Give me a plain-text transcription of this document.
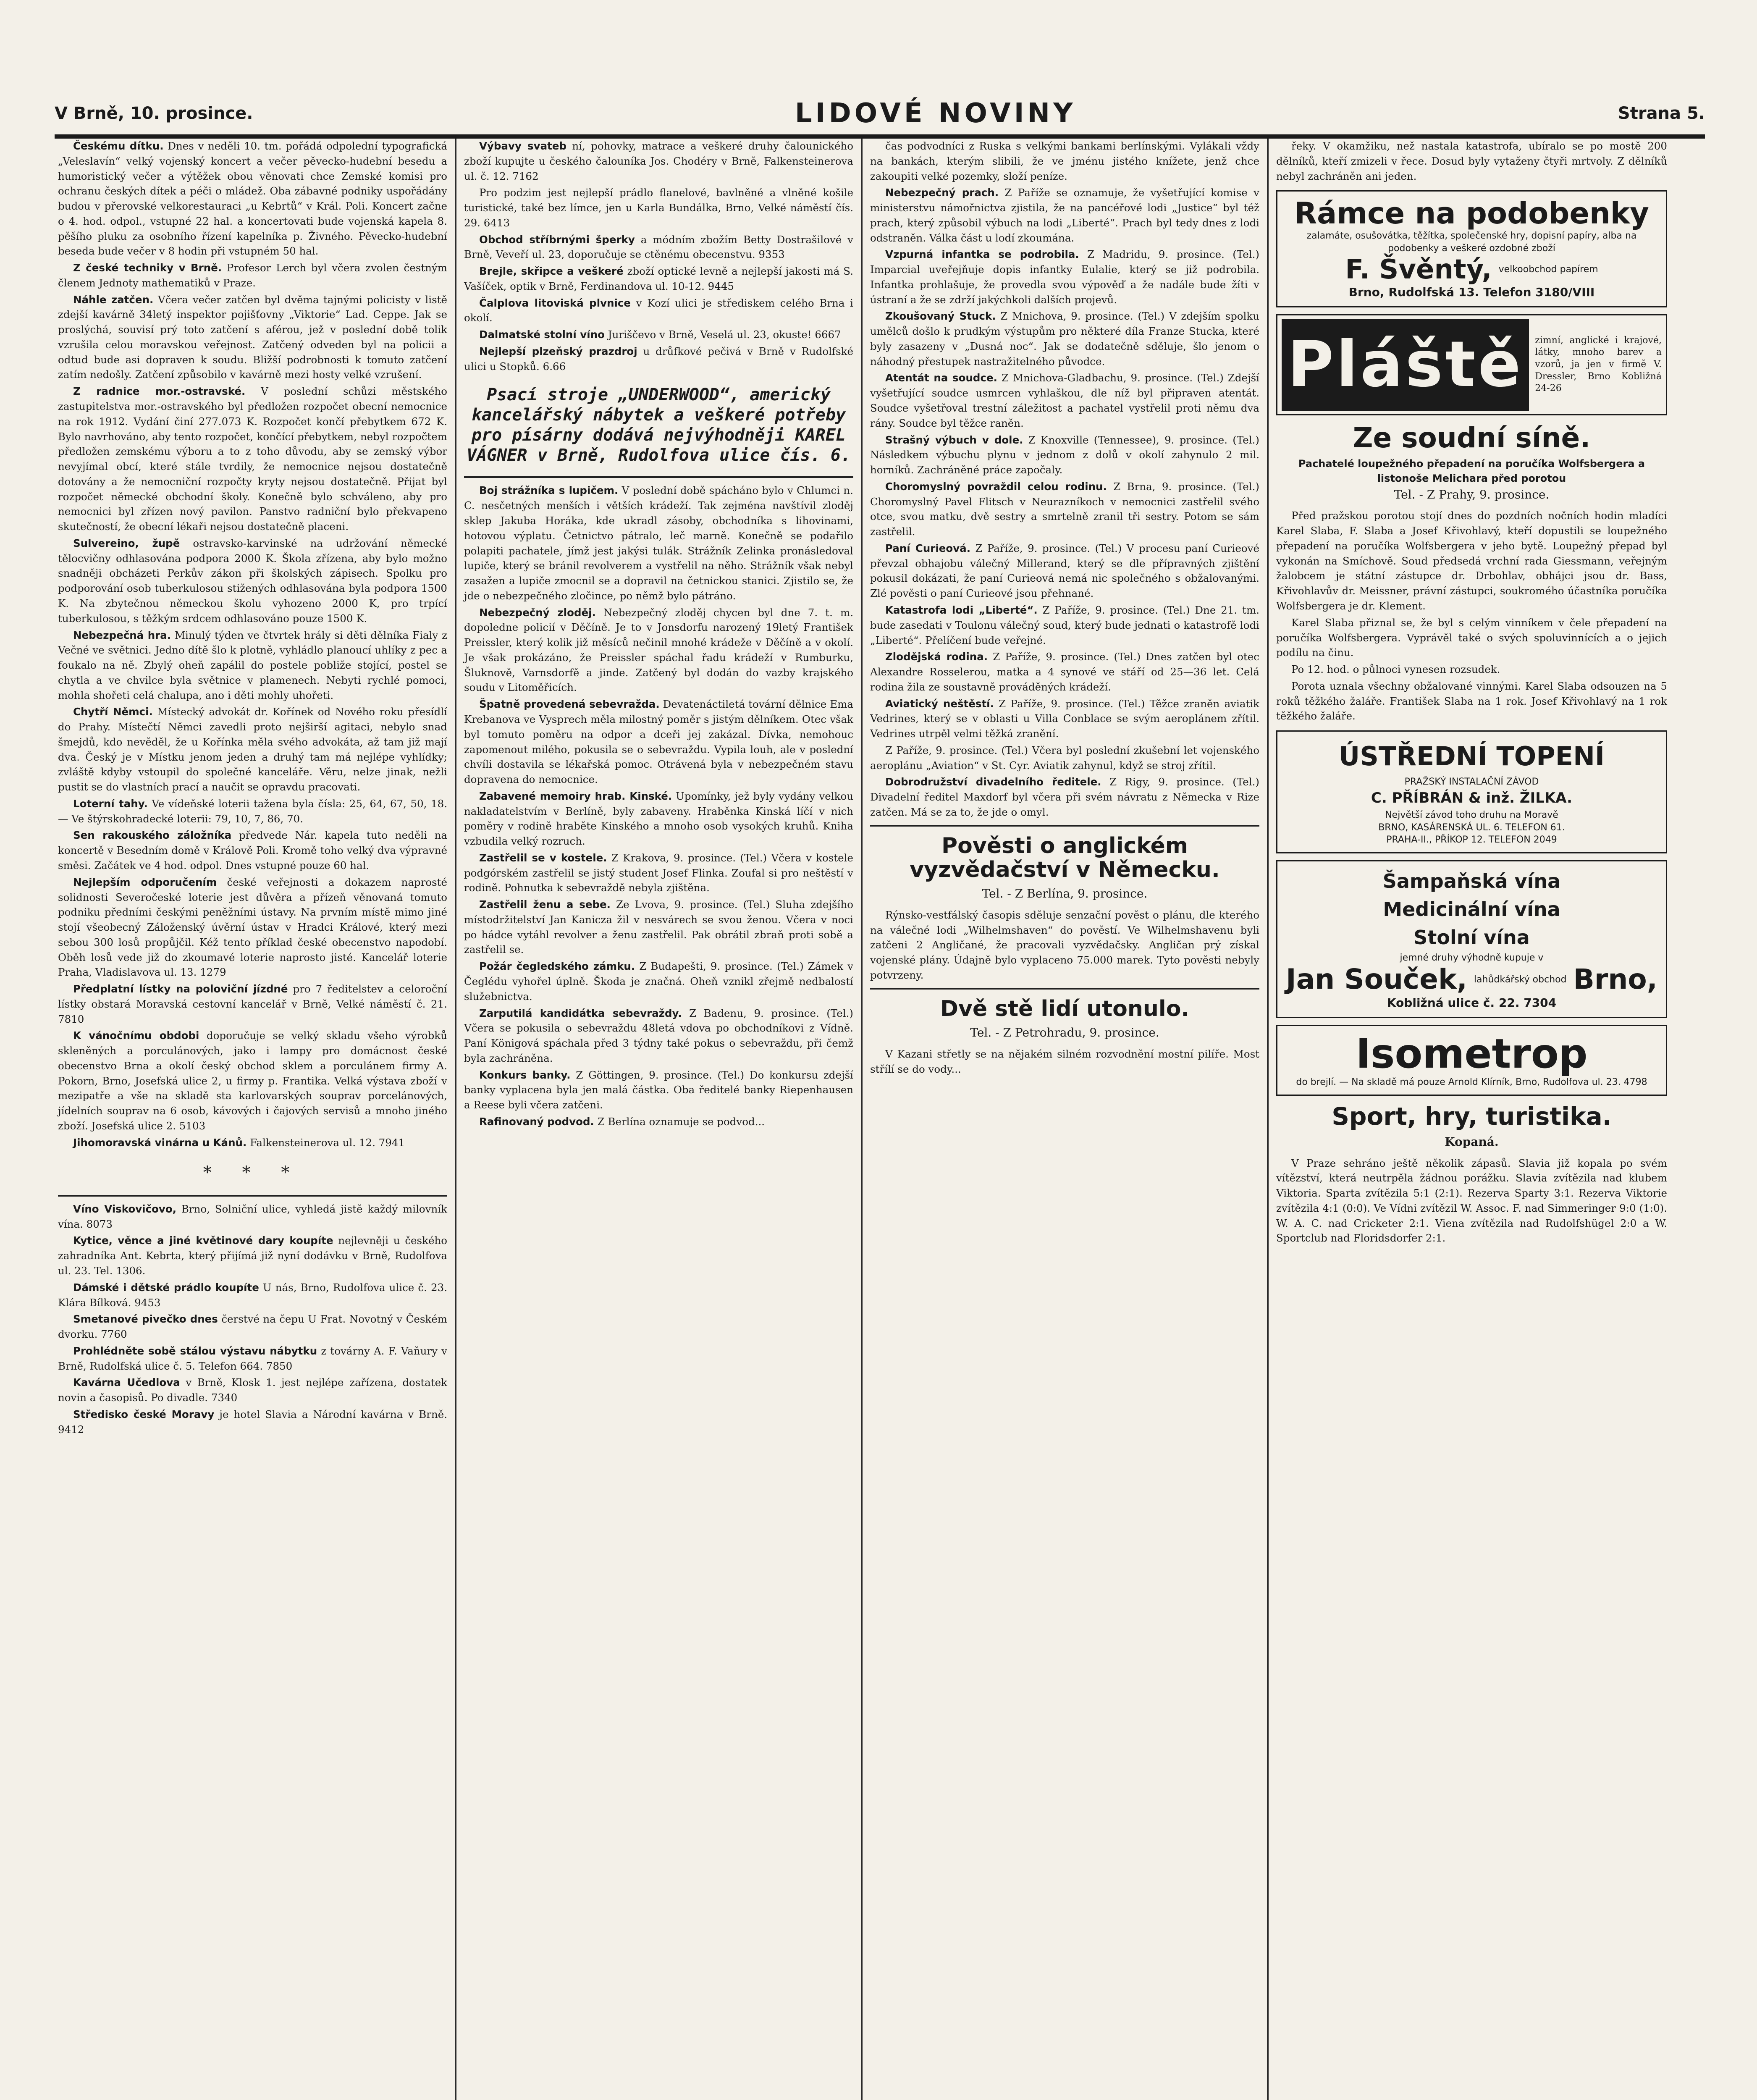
V Brně, 10. prosince.	LIDOVÉ NOVINY	Strana 5.

Českému dítku. Dnes v neděli 10. tm. pořádá odpolední typografická „Veleslavín“ velký vojenský koncert a večer pěvecko-hudební besedu a humoristický večer a výtěžek obou věnovati chce Zemské komisi pro ochranu českých dítek a péči o mládež. Oba zábavné podniky uspořádány budou v přerovské velkorestauraci „u Kebrtů“ v Král. Poli. Koncert začne o 4. hod. odpol., vstupné 22 hal. a koncertovati bude vojenská kapela 8. pěšího pluku za osobního řízení kapelníka p. Živného. Pěvecko-hudební beseda bude večer v 8 hodin při vstupném 50 hal.

Z české techniky v Brně. Profesor Lerch byl včera zvolen čestným členem Jednoty mathematiků v Praze.

Náhle zatčen. Včera večer zatčen byl dvěma tajnými policisty v listě zdejší kavárně 34letý inspektor pojišťovny „Viktorie“ Lad. Ceppe. Jak se proslýchá, souvisí prý toto zatčení s aférou, jež v poslední době tolik vzrušila celou moravskou veřejnost. Zatčený odveden byl na policii a odtud bude asi dopraven k soudu. Bližší podrobnosti k tomuto zatčení zatím nedošly. Zatčení způsobilo v kavárně mezi hosty velké vzrušení.

Z radnice mor.-ostravské. V poslední schůzi městského zastupitelstva mor.-ostravského byl předložen rozpočet obecní nemocnice na rok 1912. Vydání činí 277.073 K. Rozpočet končí přebytkem 672 K. Bylo navrhováno, aby tento rozpočet, končící přebytkem, nebyl rozpočtem předložen zemskému výboru a to z toho důvodu, aby se zemský výbor nevyjímal obcí, které stále tvrdily, že nemocnice nejsou dostatečně dotovány a že nemocniční rozpočty kryty nejsou dostatečně. Přijat byl rozpočet německé obchodní školy. Konečně bylo schváleno, aby pro nemocnici byl zřízen nový pavilon. Panstvo radniční bylo překvapeno skutečností, že obecní lékaři nejsou dostatečně placeni.

Sulvereino, župě ostravsko-karvinské na udržování německé tělocvičny odhlasována podpora 2000 K. Škola zřízena, aby bylo možno snadněji obcházeti Perkův zákon při školských zápisech. Spolku pro podporování osob tuberkulosou stižených odhlasována byla podpora 1500 K. Na zbytečnou německou školu vyhozeno 2000 K, pro trpící tuberkulosou, s těžkým srdcem odhlasováno pouze 1500 K.

Nebezpečná hra. Minulý týden ve čtvrtek hrály si děti dělníka Fialy z Večné ve světnici. Jedno dítě šlo k plotně, vyhládlo planoucí uhlíky z pec a foukalo na ně. Zbylý oheň zapálil do postele pobliže stojící, postel se chytla a ve chvilce byla světnice v plamenech. Nebyti rychlé pomoci, mohla shořeti celá chalupa, ano i děti mohly uhořeti.

Chytří Němci. Místecký advokát dr. Kořínek od Nového roku přesídlí do Prahy. Místečtí Němci zavedli proto nejširší agitaci, nebylo snad šmejdů, kdo nevěděl, že u Kořínka měla svého advokáta, až tam již mají dva. Český je v Místku jenom jeden a druhý tam má nejlépe vyhlídky; zvláště kdyby vstoupil do společné kanceláře. Věru, nelze jinak, nežli pustit se do vlastních prací a naučit se opravdu pracovati.

Loterní tahy. Ve vídeňské loterii tažena byla čísla: 25, 64, 67, 50, 18. — Ve štýrskohradecké loterii: 79, 10, 7, 86, 70.

Sen rakouského záložníka předvede Nár. kapela tuto neděli na koncertě v Besedním domě v Králově Poli. Kromě toho velký dva výpravné směsi. Začátek ve 4 hod. odpol. Dnes vstupné pouze 60 hal.

Nejlepším odporučením české veřejnosti a dokazem naprosté solidnosti Severočeské loterie jest důvěra a přízeň věnovaná tomuto podniku předními českými peněžními ústavy. Na prvním místě mimo jiné stojí všeobecný Záloženský úvěrní ústav v Hradci Králové, který mezi sebou 300 losů propůjčil. Kéž tento příklad české obecenstvo napodobí. Oběh losů vede již do zkoumavé loterie naprosto jisté. Kancelář loterie Praha, Vladislavova ul. 13. 1279

Předplatní lístky na poloviční jízdné pro 7 ředitelstev a celoroční lístky obstará Moravská cestovní kancelář v Brně, Velké náměstí č. 21. 7810

K vánočnímu obdobi doporučuje se velký skladu všeho výrobků skleněných a porculánových, jako i lampy pro domácnost české obecenstvo Brna a okolí český obchod sklem a porculánem firmy A. Pokorn, Brno, Josefská ulice 2, u firmy p. Frantika. Velká výstava zboží v mezipatře a vše na skladě sta karlovarských souprav porcelánových, jídelních souprav na 6 osob, kávových i čajových servisů a mnoho jiného zboží. Josefská ulice 2. 5103

Jihomoravská vinárna u Kánů. Falkensteinerova ul. 12. 7941

* * *

Víno Viskovičovo, Brno, Solniční ulice, vyhledá jistě každý milovník vína. 8073

Kytice, věnce a jiné květinové dary koupíte nejlevněji u českého zahradníka Ant. Kebrta, který přijímá již nyní dodávku v Brně, Rudolfova ul. 23. Tel. 1306.

Dámské i dětské prádlo koupíte U nás, Brno, Rudolfova ulice č. 23. Klára Bílková. 9453

Smetanové pivečko dnes čerstvé na čepu U Frat. Novotný v Českém dvorku. 7760

Prohlédněte sobě stálou výstavu nábytku z továrny A. F. Vaňury v Brně, Rudolfská ulice č. 5. Telefon 664. 7850

Kavárna Učedlova v Brně, Klosk 1. jest nejlépe zařízena, dostatek novin a časopisů. Po divadle. 7340

Středisko české Moravy je hotel Slavia a Národní kavárna v Brně. 9412

Výbavy svateb ní, pohovky, matrace a veškeré druhy čalounického zboží kupujte u českého čalouníka Jos. Chodéry v Brně, Falkensteinerova ul. č. 12. 7162

Pro podzim jest nejlepší prádlo flanelové, bavlněné a vlněné košile turistické, také bez límce, jen u Karla Bundálka, Brno, Velké náměstí čís. 29. 6413

Obchod stříbrnými šperky a módním zbožím Betty Dostrašilové v Brně, Veveří ul. 23, doporučuje se ctěnému obecenstvu. 9353

Brejle, skřipce a veškeré zboží optické levně a nejlepší jakosti má S. Vašíček, optik v Brně, Ferdinandova ul. 10-12. 9445

Čalplova litoviská plvnice v Kozí ulici je střediskem celého Brna i okolí.

Dalmatské stolní víno Juriščevo v Brně, Veselá ul. 23, okuste! 6667

Nejlepší plzeňský prazdroj u drůfkové pečivá v Brně v Rudolfské ulici u Stopků. 6.66

Psací stroje „UNDERWOOD“, americký kancelářský nábytek a veškeré potřeby pro písárny dodává nejvýhodněji KAREL VÁGNER v Brně, Rudolfova ulice čís. 6.

Boj strážníka s lupičem. V poslední době spácháno bylo v Chlumci n. C. nesčetných menších i větších krádeží. Tak zejména navštívil zloděj sklep Jakuba Horáka, kde ukradl zásoby, obchodníka s lihovinami, hotovou výplatu. Četnictvo pátralo, leč marně. Konečně se podařilo polapiti pachatele, jímž jest jakýsi tulák. Strážník Zelinka pronásledoval lupiče, který se bránil revolverem a vystřelil na něho. Strážník však nebyl zasažen a lupiče zmocnil se a dopravil na četnickou stanici. Zjistilo se, že jde o nebezpečného zločince, po němž bylo pátráno.

Nebezpečný zloděj. Nebezpečný zloděj chycen byl dne 7. t. m. dopoledne policií v Děčíně. Je to v Jonsdorfu narozený 19letý František Preissler, který kolik již měsíců nečinil mnohé krádeže v Děčíně a v okolí. Je však prokázáno, že Preissler spáchal řadu krádeží v Rumburku, Šluknově, Varnsdorfě a jinde. Zatčený byl dodán do vazby krajského soudu v Litoměřicích.

Špatně provedená sebevražda. Devatenáctiletá tovární dělnice Ema Krebanova ve Vysprech měla milostný poměr s jistým dělníkem. Otec však byl tomuto poměru na odpor a dceři jej zakázal. Dívka, nemohouc zapomenout milého, pokusila se o sebevraždu. Vypila louh, ale v poslední chvíli dostavila se lékařská pomoc. Otrávená byla v nebezpečném stavu dopravena do nemocnice.

Zabavené memoiry hrab. Kinské. Upomínky, jež byly vydány velkou nakladatelstvím v Berlíně, byly zabaveny. Hraběnka Kinská líčí v nich poměry v rodině hraběte Kinského a mnoho osob vysokých kruhů. Kniha vzbudila velký rozruch.

Zastřelil se v kostele. Z Krakova, 9. prosince. (Tel.) Včera v kostele podgórském zastřelil se jistý student Josef Flinka. Zoufal si pro neštěstí v rodině. Pohnutka k sebevraždě nebyla zjištěna.

Zastřelil ženu a sebe. Ze Lvova, 9. prosince. (Tel.) Sluha zdejšího místodržitelství Jan Kanicza žil v nesvárech se svou ženou. Včera v noci po hádce vytáhl revolver a ženu zastřelil. Pak obrátil zbraň proti sobě a zastřelil se.

Požár čegledského zámku. Z Budapešti, 9. prosince. (Tel.) Zámek v Čeglédu vyhořel úplně. Škoda je značná. Oheň vznikl zřejmě nedbalostí služebnictva.

Zarputilá kandidátka sebevraždy. Z Badenu, 9. prosince. (Tel.) Včera se pokusila o sebevraždu 48letá vdova po obchodníkovi z Vídně. Paní Königová spáchala před 3 týdny také pokus o sebevraždu, při čemž byla zachráněna.

Konkurs banky. Z Göttingen, 9. prosince. (Tel.) Do konkursu zdejší banky vyplacena byla jen malá částka. Oba ředitelé banky Riepenhausen a Reese byli včera zatčeni.

Rafinovaný podvod. Z Berlína oznamuje se podvod...

čas podvodníci z Ruska s velkými bankami berlínskými. Vylákali vždy na bankách, kterým slibili, že ve jménu jistého knížete, jenž chce zakoupiti velké pozemky, složí peníze.

Nebezpečný prach. Z Paříže se oznamuje, že vyšetřující komise v ministerstvu námořnictva zjistila, že na pancéřové lodi „Justice“ byl též prach, který způsobil výbuch na lodi „Liberté“. Prach byl tedy dnes z lodi odstraněn. Válka část u lodí zkoumána.

Vzpurná infantka se podrobila. Z Madridu, 9. prosince. (Tel.) Imparcial uveřejňuje dopis infantky Eulalie, který se již podrobila. Infantka prohlašuje, že provedla svou výpověď a že nadále bude žíti v ústraní a že se zdrží jakýchkoli dalších projevů.

Zkoušovaný Stuck. Z Mnichova, 9. prosince. (Tel.) V zdejším spolku umělců došlo k prudkým výstupům pro některé díla Franze Stucka, které byly zasazeny v „Dusná noc“. Jak se dodatečně sděluje, šlo jenom o náhodný přestupek nastražitelného původce.

Atentát na soudce. Z Mnichova-Gladbachu, 9. prosince. (Tel.) Zdejší vyšetřující soudce usmrcen vyhlaškou, dle níž byl připraven atentát. Soudce vyšetřoval trestní záležitost a pachatel vystřelil proti němu dva rány. Soudce byl těžce raněn.

Strašný výbuch v dole. Z Knoxville (Tennessee), 9. prosince. (Tel.) Následkem výbuchu plynu v jednom z dolů v okolí zahynulo 2 mil. horníků. Zachráněné práce započaly.

Choromyslný povraždil celou rodinu. Z Brna, 9. prosince. (Tel.) Choromyslný Pavel Flitsch v Neurazníkoch v nemocnici zastřelil svého otce, svou matku, dvě sestry a smrtelně zranil tři sestry. Potom se sám zastřelil.

Paní Curieová. Z Paříže, 9. prosince. (Tel.) V procesu paní Curieové převzal obhajobu válečný Millerand, který se dle přípravných zjištění pokusil dokázati, že paní Curieová nemá nic společného s obžalovanými. Zlé pověsti o paní Curieové jsou přehnané.

Katastrofa lodi „Liberté“. Z Paříže, 9. prosince. (Tel.) Dne 21. tm. bude zasedati v Toulonu válečný soud, který bude jednati o katastrofě lodi „Liberté“. Přelíčení bude veřejné.

Zlodějská rodina. Z Paříže, 9. prosince. (Tel.) Dnes zatčen byl otec Alexandre Rosselerou, matka a 4 synové ve stáří od 25—36 let. Celá rodina žila ze soustavně prováděných krádeží.

Aviatický neštěstí. Z Paříže, 9. prosince. (Tel.) Těžce zraněn aviatik Vedrines, který se v oblasti u Villa Conblace se svým aeroplánem zřítil. Vedrines utrpěl velmi těžká zranění.

Z Paříže, 9. prosince. (Tel.) Včera byl poslední zkušební let vojenského aeroplánu „Aviation“ v St. Cyr. Aviatik zahynul, když se stroj zřítil.

Dobrodružství divadelního ředitele. Z Rigy, 9. prosince. (Tel.) Divadelní ředitel Maxdorf byl včera při svém návratu z Německa v Rize zatčen. Má se za to, že jde o omyl.

Pověsti o anglickém vyzvědačství v Německu.
Tel. - Z Berlína, 9. prosince.

Rýnsko-vestfálský časopis sděluje senzační pověst o plánu, dle kterého na válečné lodi „Wilhelmshaven“ do pověstí. Ve Wilhelmshavenu byli zatčeni 2 Angličané, že pracovali vyzvědačsky. Angličan prý získal vojenské plány. Údajně bylo vyplaceno 75.000 marek. Tyto pověsti nebyly potvrzeny.

Dvě stě lidí utonulo.
Tel. - Z Petrohradu, 9. prosince.

V Kazani střetly se na nějakém silném rozvodnění mostní pilíře. Most střílí se do vody...

řeky. V okamžiku, než nastala katastrofa, ubíralo se po mostě 200 dělníků, kteří zmizeli v řece. Dosud byly vytaženy čtyři mrtvoly. Z dělníků nebyl zachráněn ani jeden.

Rámce na podobenky
zalamáte, osušovátka, těžítka, společenské hry, dopisní papíry, alba na podobenky a veškeré ozdobné zboží
F. Švěntý, velkoobchod papírem
Brno, Rudolfská 13. Telefon 3180/VIII
Pláště	zimní, anglické i krajové, látky, mnoho barev a vzorů, ja jen v firmě V. Dressler, Brno Kobližná 24-26
Ze soudní síně.
Pachatelé loupežného přepadení na poručíka Wolfsbergera a listonoše Melichara před porotou
Tel. - Z Prahy, 9. prosince.

Před pražskou porotou stojí dnes do pozdních nočních hodin mladíci Karel Slaba, F. Slaba a Josef Křivohlavý, kteří dopustili se loupežného přepadení na poručíka Wolfsbergera v jeho bytě. Loupežný přepad byl vykonán na Smíchově. Soud předsedá vrchní rada Giessmann, veřejným žalobcem je státní zástupce dr. Drbohlav, obhájci jsou dr. Bass, Křivohlavův dr. Meissner, právní zástupci, soukromého účastníka poručíka Wolfsbergera je dr. Klement.

Karel Slaba přiznal se, že byl s celým vinníkem v čele přepadení na poručíka Wolfsbergera. Vyprávěl také o svých spoluvinnících a o jejich podílu na činu.

Po 12. hod. o půlnoci vynesen rozsudek.

Porota uznala všechny obžalované vinnými. Karel Slaba odsouzen na 5 roků těžkého žaláře. František Slaba na 1 rok. Josef Křivohlavý na 1 rok těžkého žaláře.

ÚSTŘEDNÍ TOPENÍ
PRAŽSKÝ INSTALAČNÍ ZÁVOD
C. PŘÍBRÁN & inž. ŽILKA.
Největší závod toho druhu na Moravě
BRNO, KASÁRENSKÁ UL. 6. TELEFON 61.
PRAHA-II., PŘÍKOP 12. TELEFON 2049
Šampaňská vína
Medicinální vína
Stolní vína
jemné druhy výhodně kupuje v
Jan Souček, lahůdkářský obchod Brno,
Kobližná ulice č. 22. 7304
Isometrop
do brejlí. — Na skladě má pouze Arnold Klírník, Brno, Rudolfova ul. 23. 4798
Sport, hry, turistika.
Kopaná.

V Praze sehráno ještě několik zápasů. Slavia již kopala po svém vítězství, která neutrpěla žádnou porážku. Slavia zvítězila nad klubem Viktoria. Sparta zvítězila 5:1 (2:1). Rezerva Sparty 3:1. Rezerva Viktorie zvítězila 4:1 (0:0). Ve Vídni zvítězil W. Assoc. F. nad Simmeringer 9:0 (1:0). W. A. C. nad Cricketer 2:1. Viena zvítězila nad Rudolfshügel 2:0 a W. Sportclub nad Floridsdorfer 2:1.
